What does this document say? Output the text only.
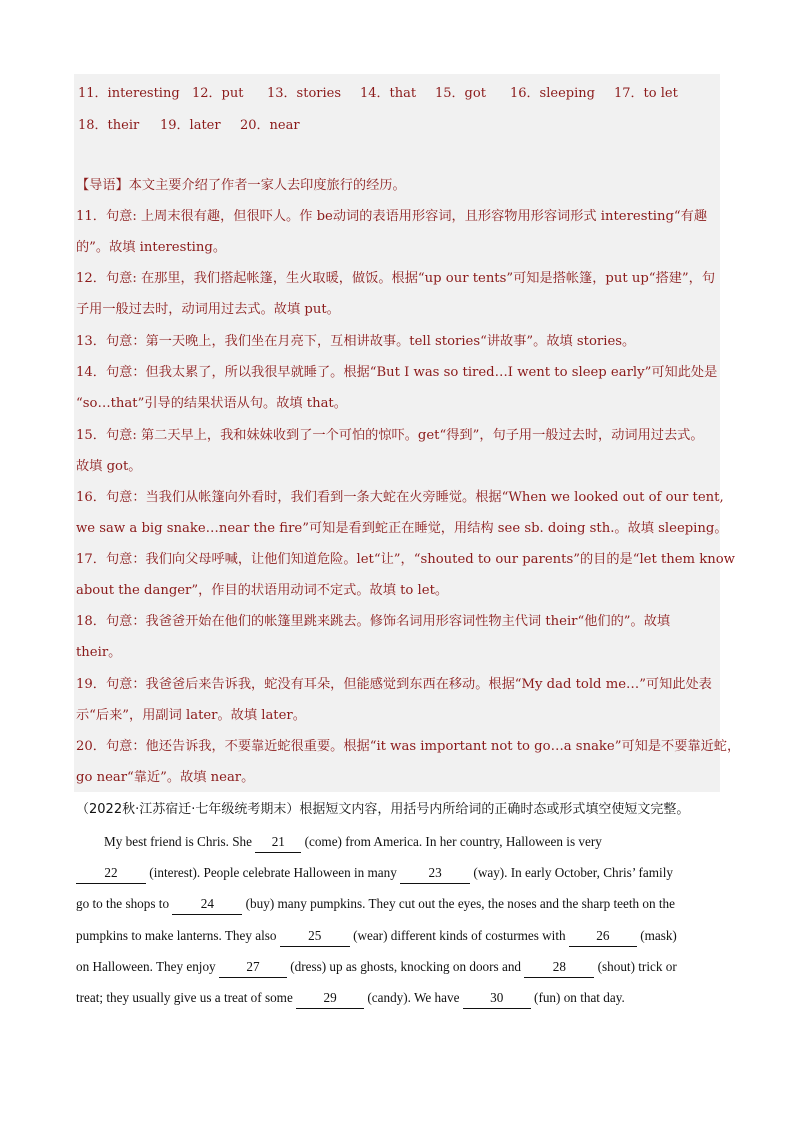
11．interesting 12．put 13．stories 14．that 15．got 16．sleeping 17．to let
18．their 19．later 20．near
【导语】本文主要介绍了作者一家人去印度旅行的经历。
11．句意: 上周末很有趣，但很吓人。作 be动词的表语用形容词，且形容物用形容词形式 interesting“有趣
的”。故填 interesting。
12．句意: 在那里，我们搭起帐篷，生火取暖，做饭。根据“up our tents”可知是搭帐篷，put up“搭建”，句
子用一般过去时，动词用过去式。故填 put。
13．句意：第一天晚上，我们坐在月亮下，互相讲故事。tell stories“讲故事”。故填 stories。
14．句意：但我太累了，所以我很早就睡了。根据“But I was so tired…I went to sleep early”可知此处是
“so…that”引导的结果状语从句。故填 that。
15．句意: 第二天早上，我和妹妹收到了一个可怕的惊吓。get“得到”，句子用一般过去时，动词用过去式。
故填 got。
16．句意：当我们从帐篷向外看时，我们看到一条大蛇在火旁睡觉。根据“When we looked out of our tent,
we saw a big snake…near the fire”可知是看到蛇正在睡觉，用结构 see sb. doing sth.。故填 sleeping。
17．句意：我们向父母呼喊，让他们知道危险。let“让”，“shouted to our parents”的目的是“let them know
about the danger”，作目的状语用动词不定式。故填 to let。
18．句意：我爸爸开始在他们的帐篷里跳来跳去。修饰名词用形容词性物主代词 their“他们的”。故填
their。
19．句意：我爸爸后来告诉我，蛇没有耳朵，但能感觉到东西在移动。根据“My dad told me…”可知此处表
示“后来”，用副词 later。故填 later。
20．句意：他还告诉我，不要靠近蛇很重要。根据“it was important not to go…a snake”可知是不要靠近蛇，
go near“靠近”。故填 near。
（2022秋·江苏宿迁·七年级统考期末）根据短文内容，用括号内所给词的正确时态或形式填空使短文完整。
My best friend is Chris. She 21 (come) from America. In her country, Halloween is very
22 (interest). People celebrate Halloween in many 23 (way). In early October, Chris’ family
go to the shops to 24 (buy) many pumpkins. They cut out the eyes, the noses and the sharp teeth on the
pumpkins to make lanterns. They also 25 (wear) different kinds of costurmes with 26 (mask)
on Halloween. They enjoy 27 (dress) up as ghosts, knocking on doors and 28 (shout) trick or
treat; they usually give us a treat of some 29 (candy). We have 30 (fun) on that day.
